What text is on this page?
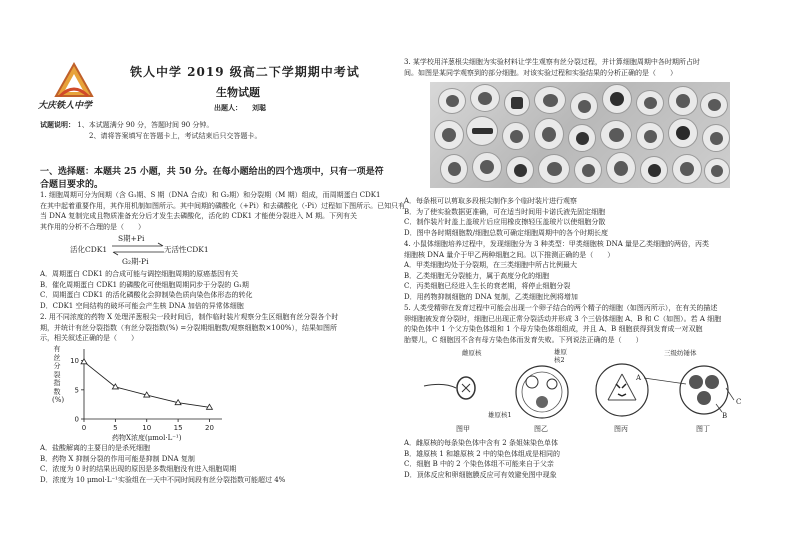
大庆铁人中学
铁人中学 2019 级高二下学期期中考试
生物试题
出题人： 刘聪
试题说明： 1、本试题满分 90 分，答题时间 90 分钟。
2、请将答案填写在答题卡上，考试结束后只交答题卡。
一、选择题：本题共 25 小题，共 50 分。在每小题给出的四个选项中，只有一项是符合题目要求的。
1. 细胞周期可分为间期（含 G₁期、S 期（DNA 合成）和 G₂期）和分裂期（M 期）组成，而周期蛋白 CDK1
在其中起着重要作用，其作用机制如图所示。其中间期的磷酸化（+Pi）和去磷酸化（-Pi）过程如下图所示。已知只有
当 DNA 复制完成且物质准备充分后才发生去磷酸化，活化的 CDK1 才能使分裂进入 M 期。下列有关
其作用的分析不合理的是（　　）
S期+Pi
活化CDK1	无活性CDK1
G₂期-Pi
A．周期蛋白 CDK1 的合成可能与调控细胞周期的原癌基因有关
B．催化周期蛋白 CDK1 的磷酸化可使细胞周期同步于分裂的 G₁期
C．周期蛋白 CDK1 的活化磷酸化会抑制染色质向染色体形态的转化
D．CDK1 空间结构的破坏可能会产生核 DNA 加倍的异常体细胞
2. 用不同浓度的药物 X 处理洋葱根尖一段时间后，制作临时装片观察分生区细胞有丝分裂各个时
期，并统计有丝分裂指数（有丝分裂指数(%) =分裂期细胞数/观察细胞数×100%），结果如图所
示，相关叙述正确的是（　　）
有丝分裂指数(%)
0
5
10
0	5	10	15	20
药物X浓度(μmol·L⁻¹)
A．盐酸解离的主要目的是杀死细胞
B．药物 X 抑制分裂的作用可能是抑制 DNA 复制
C．浓度为 0 时的结果出现的原因是多数细胞没有进入细胞周期
D．浓度为 10 μmol·L⁻¹实验组在一天中不同时间段有丝分裂指数可能超过 4%
3. 某学校用洋葱根尖细胞为实验材料让学生观察有丝分裂过程，并计算细胞周期中各时期所占时
间。如图是某同学观察到的部分细胞。对该实验过程和实验结果的分析正确的是（　　）
A．每条根可以剪取多段根尖制作多个临时装片进行观察
B．为了使实验数据更准确，可在适当时间用卡诺氏液先固定细胞
C．制作装片时盖上盖玻片后应用橡皮擦轻压盖玻片以使细胞分散
D．图中各时期细胞数/细胞总数可确定细胞周期中的各个时期长度
4. 小鼠体细胞培养过程中，发现细胞分为 3 种类型：甲类细胞核 DNA 量是乙类细胞的两倍，丙类
细胞核 DNA 量介于甲乙两种细胞之间。以下推测正确的是（　　）
A．甲类细胞均处于分裂期，在三类细胞中所占比例最大
B．乙类细胞无分裂能力，属于高度分化的细胞
C．丙类细胞已经进入生长的衰老期，将停止细胞分裂
D．用药物抑制细胞的 DNA 复制，乙类细胞比例将增加
5. 人类受精卵在发育过程中可能会出现一个卵子结合的两个精子的细胞（如图丙所示），在有关的描述
卵细胞被发育分裂时，细胞已出现正常分裂活动并形成 3 个三倍体细胞 A、B 和 C（如图）。若 A 细胞
的染色体中 1 个父方染色体组和 1 个母方染色体组组成，并且 A、B 细胞获得到发育成一对双胞
胎婴儿，C 细胞因不含有母方染色体而发育失败。下列说法正确的是（　　）
雌原核	雄原核2
雄原核1
三级纺锤体
A
C
B
图甲	图乙	图丙	图丁
A．雌原核的每条染色体中含有 2 条姐妹染色单体
B．雄原核 1 和雄原核 2 中的染色体组成是相同的
C．细胞 B 中的 2 个染色体组不可能来自于父亲
D．顶体反应和卵细胞膜反应可有效避免图中现象
